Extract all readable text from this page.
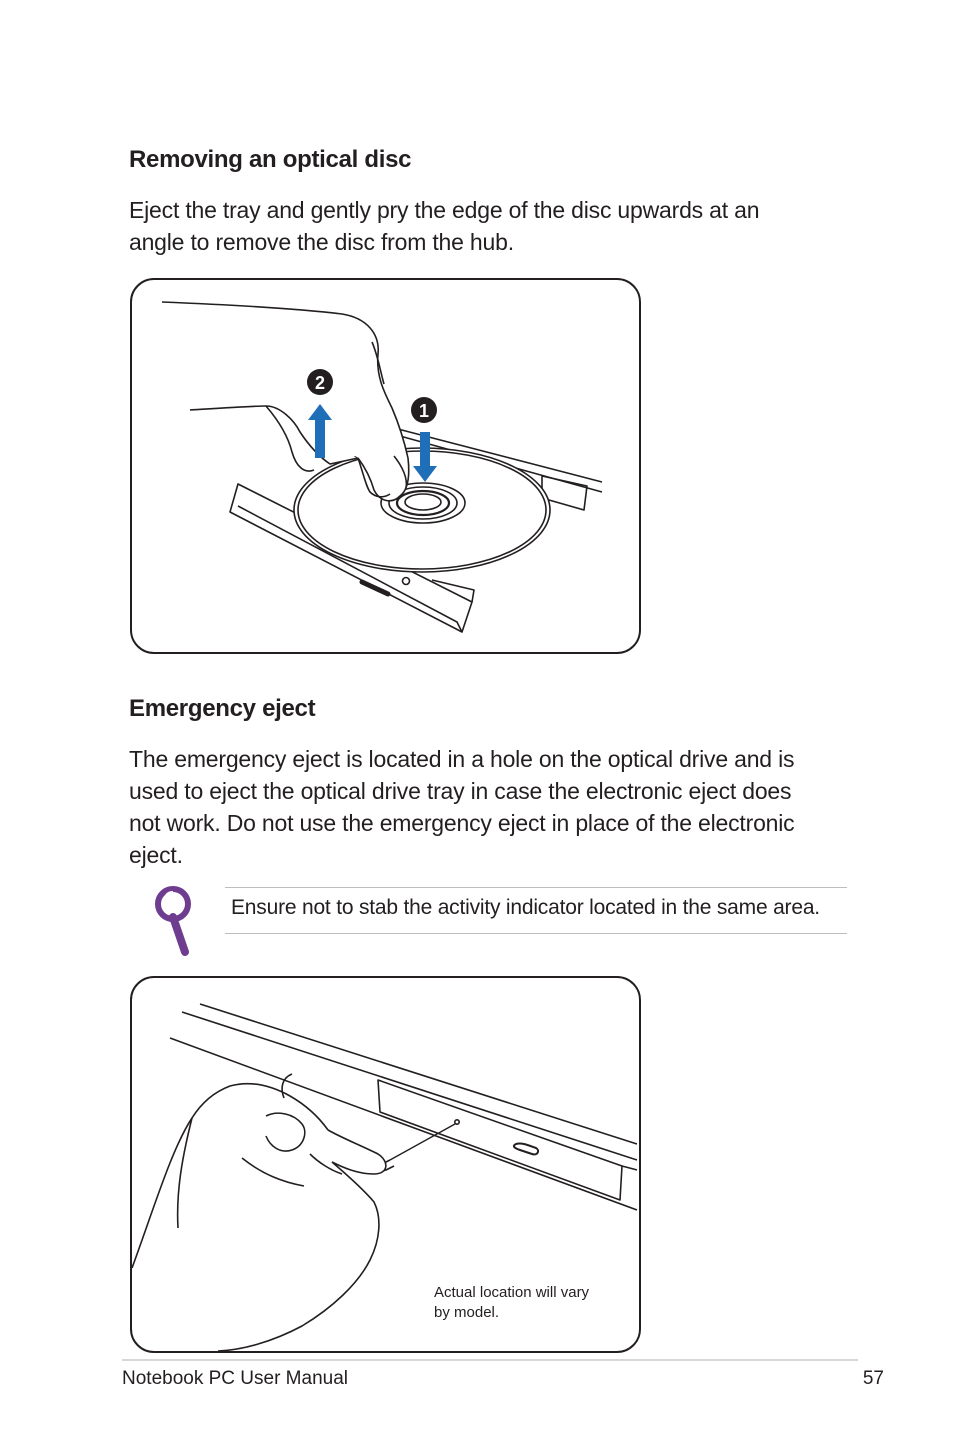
Removing an optical disc

Eject the tray and gently pry the edge of the disc upwards at an
angle to remove the disc from the hub.

2
1
Emergency eject

The emergency eject is located in a hole on the optical drive and is
used to eject the optical drive tray in case the electronic eject does
not work. Do not use the emergency eject in place of the electronic
eject.

Ensure not to stab the activity indicator located in the same area.
Actual location will vary
by model.
Notebook PC User Manual	57
